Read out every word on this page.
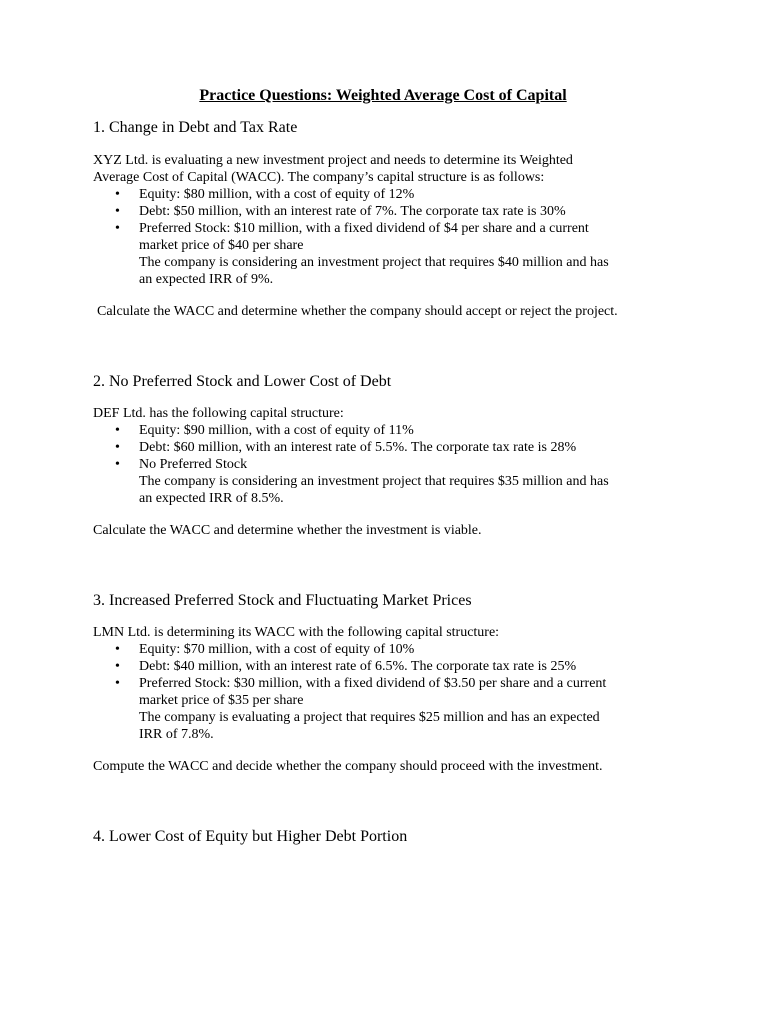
Practice Questions: Weighted Average Cost of Capital
1. Change in Debt and Tax Rate

XYZ Ltd. is evaluating a new investment project and needs to determine its Weighted
Average Cost of Capital (WACC). The company’s capital structure is as follows:

• Equity: $80 million, with a cost of equity of 12%
• Debt: $50 million, with an interest rate of 7%. The corporate tax rate is 30%
• Preferred Stock: $10 million, with a fixed dividend of $4 per share and a current
market price of $40 per share
The company is considering an investment project that requires $40 million and has
an expected IRR of 9%.

Calculate the WACC and determine whether the company should accept or reject the project.

2. No Preferred Stock and Lower Cost of Debt

DEF Ltd. has the following capital structure:

• Equity: $90 million, with a cost of equity of 11%
• Debt: $60 million, with an interest rate of 5.5%. The corporate tax rate is 28%
• No Preferred Stock
The company is considering an investment project that requires $35 million and has
an expected IRR of 8.5%.

Calculate the WACC and determine whether the investment is viable.

3. Increased Preferred Stock and Fluctuating Market Prices

LMN Ltd. is determining its WACC with the following capital structure:

• Equity: $70 million, with a cost of equity of 10%
• Debt: $40 million, with an interest rate of 6.5%. The corporate tax rate is 25%
• Preferred Stock: $30 million, with a fixed dividend of $3.50 per share and a current
market price of $35 per share
The company is evaluating a project that requires $25 million and has an expected
IRR of 7.8%.

Compute the WACC and decide whether the company should proceed with the investment.

4. Lower Cost of Equity but Higher Debt Portion
